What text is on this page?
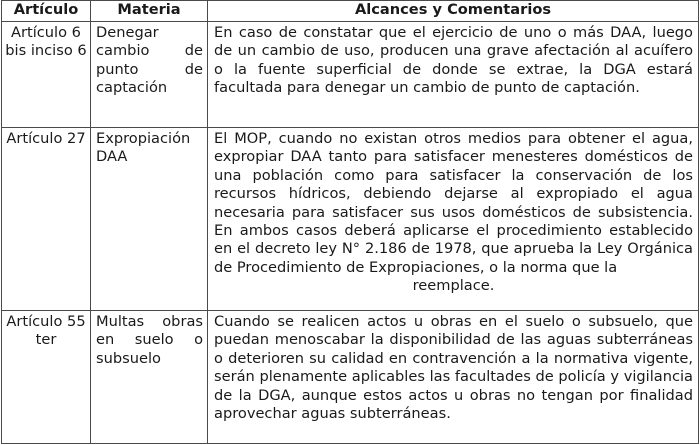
Artículo	Materia	Alcances y Comentarios
Artículo 6 bis inciso 6	Denegar cambio de punto de captación	En caso de constatar que el ejercicio de uno o más DAA, luego de un cambio de uso, producen una grave afectación al acuífero o la fuente superficial de donde se extrae, la DGA estará facultada para denegar un cambio de punto de captación.
Artículo 27	Expropiación DAA	El MOP, cuando no existan otros medios para obtener el agua, expropiar DAA tanto para satisfacer menesteres domésticos de una población como para satisfacer la conservación de los recursos hídricos, debiendo dejarse al expropiado el agua necesaria para satisfacer sus usos domésticos de subsistencia. En ambos casos deberá aplicarse el procedimiento establecido en el decreto ley N° 2.186 de 1978, que aprueba la Ley Orgánica de Procedimiento de Expropiaciones, o la norma que la
reemplace.

Artículo 55 ter	Multas obras en suelo o subsuelo	Cuando se realicen actos u obras en el suelo o subsuelo, que puedan menoscabar la disponibilidad de las aguas subterráneas o deterioren su calidad en contravención a la normativa vigente, serán plenamente aplicables las facultades de policía y vigilancia de la DGA, aunque estos actos u obras no tengan por finalidad aprovechar aguas subterráneas.
